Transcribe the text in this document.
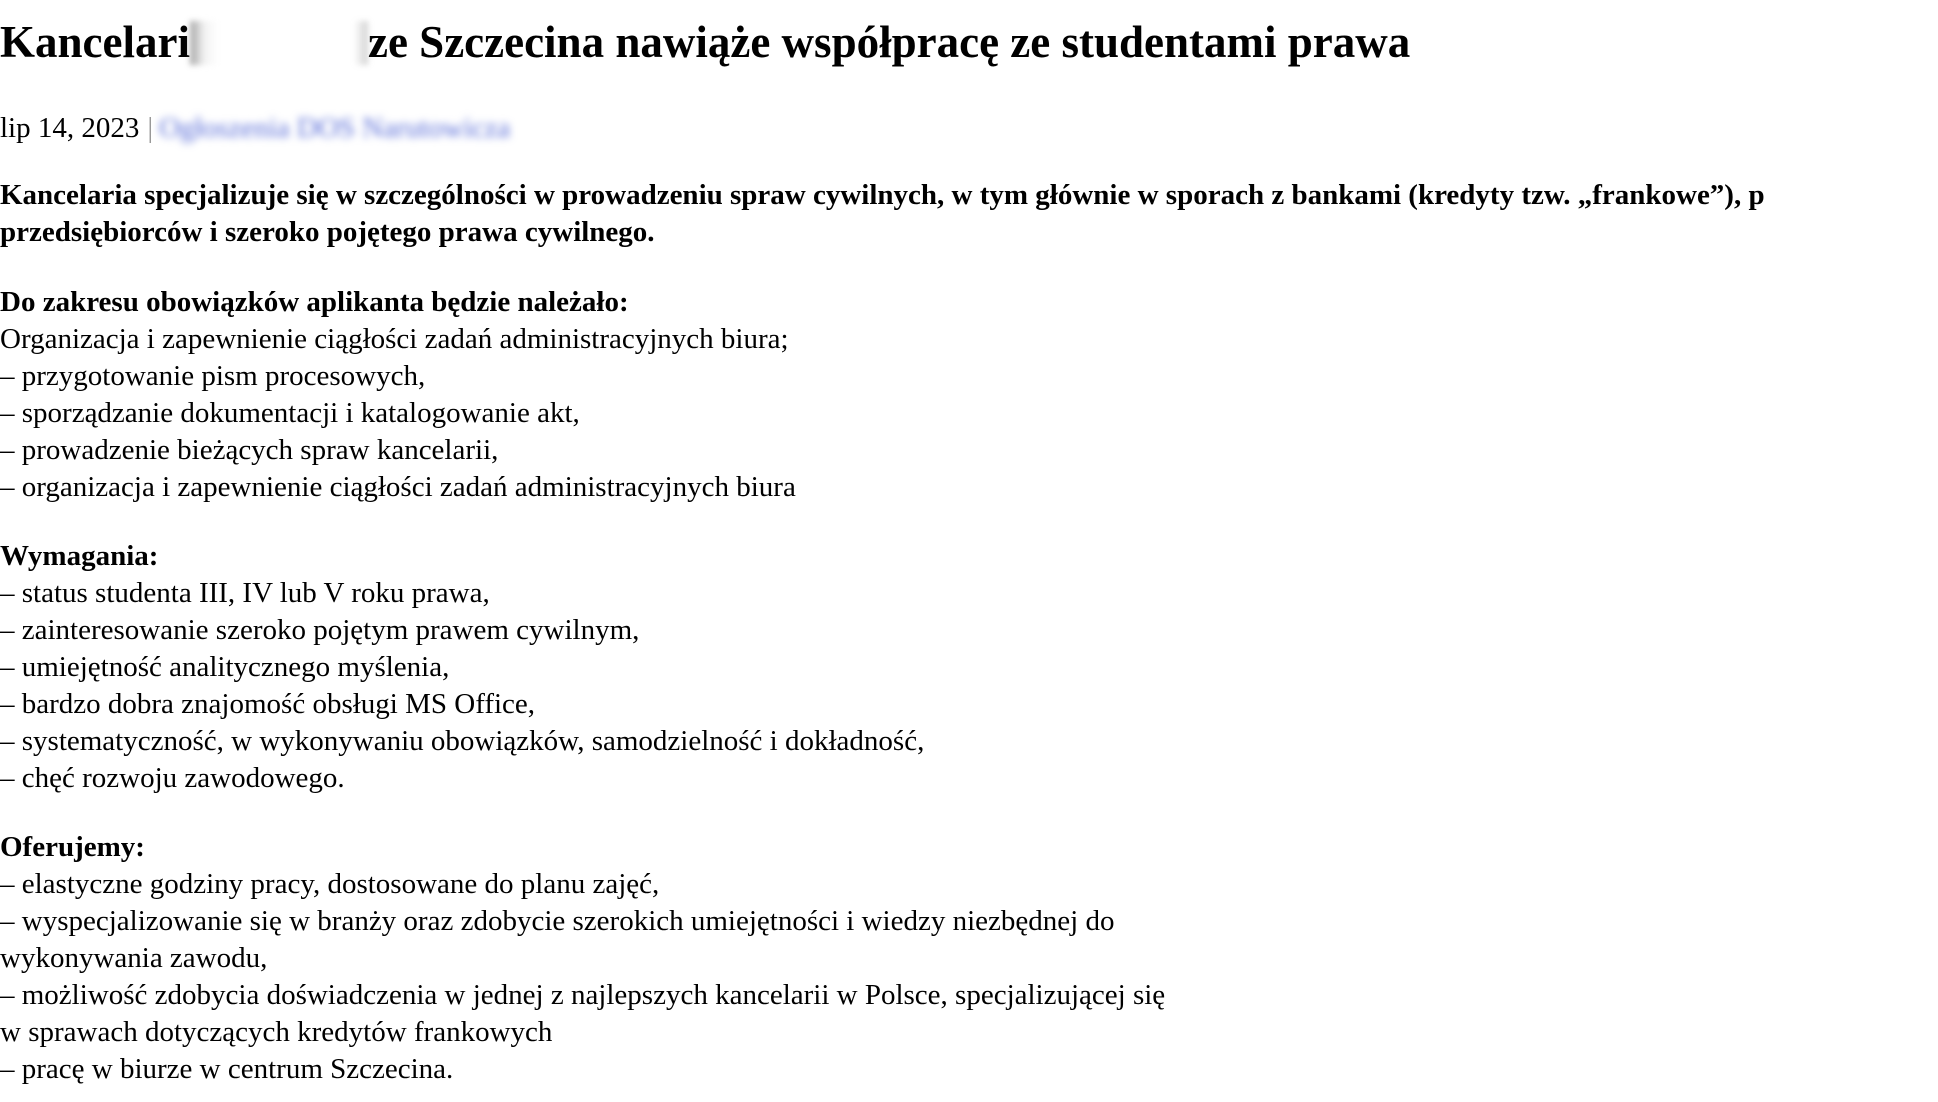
Kancelari	ze Szczecina nawiąże współpracę ze studentami prawa
lip 14, 2023 | Ogłoszenia DOS Narutowicza

Kancelaria specjalizuje się w szczególności w prowadzeniu spraw cywilnych, w tym głównie w sporach z bankami (kredyty tzw. „frankowe”), p
przedsiębiorców i szeroko pojętego prawa cywilnego.

Do zakresu obowiązków aplikanta będzie należało:
Organizacja i zapewnienie ciągłości zadań administracyjnych biura;
– przygotowanie pism procesowych,
– sporządzanie dokumentacji i katalogowanie akt,
– prowadzenie bieżących spraw kancelarii,
– organizacja i zapewnienie ciągłości zadań administracyjnych biura

Wymagania:
– status studenta III, IV lub V roku prawa,
– zainteresowanie szeroko pojętym prawem cywilnym,
– umiejętność analitycznego myślenia,
– bardzo dobra znajomość obsługi MS Office,
– systematyczność, w wykonywaniu obowiązków, samodzielność i dokładność,
– chęć rozwoju zawodowego.

Oferujemy:
– elastyczne godziny pracy, dostosowane do planu zajęć,
– wyspecjalizowanie się w branży oraz zdobycie szerokich umiejętności i wiedzy niezbędnej do
wykonywania zawodu,
– możliwość zdobycia doświadczenia w jednej z najlepszych kancelarii w Polsce, specjalizującej się
w sprawach dotyczących kredytów frankowych
– pracę w biurze w centrum Szczecina.
